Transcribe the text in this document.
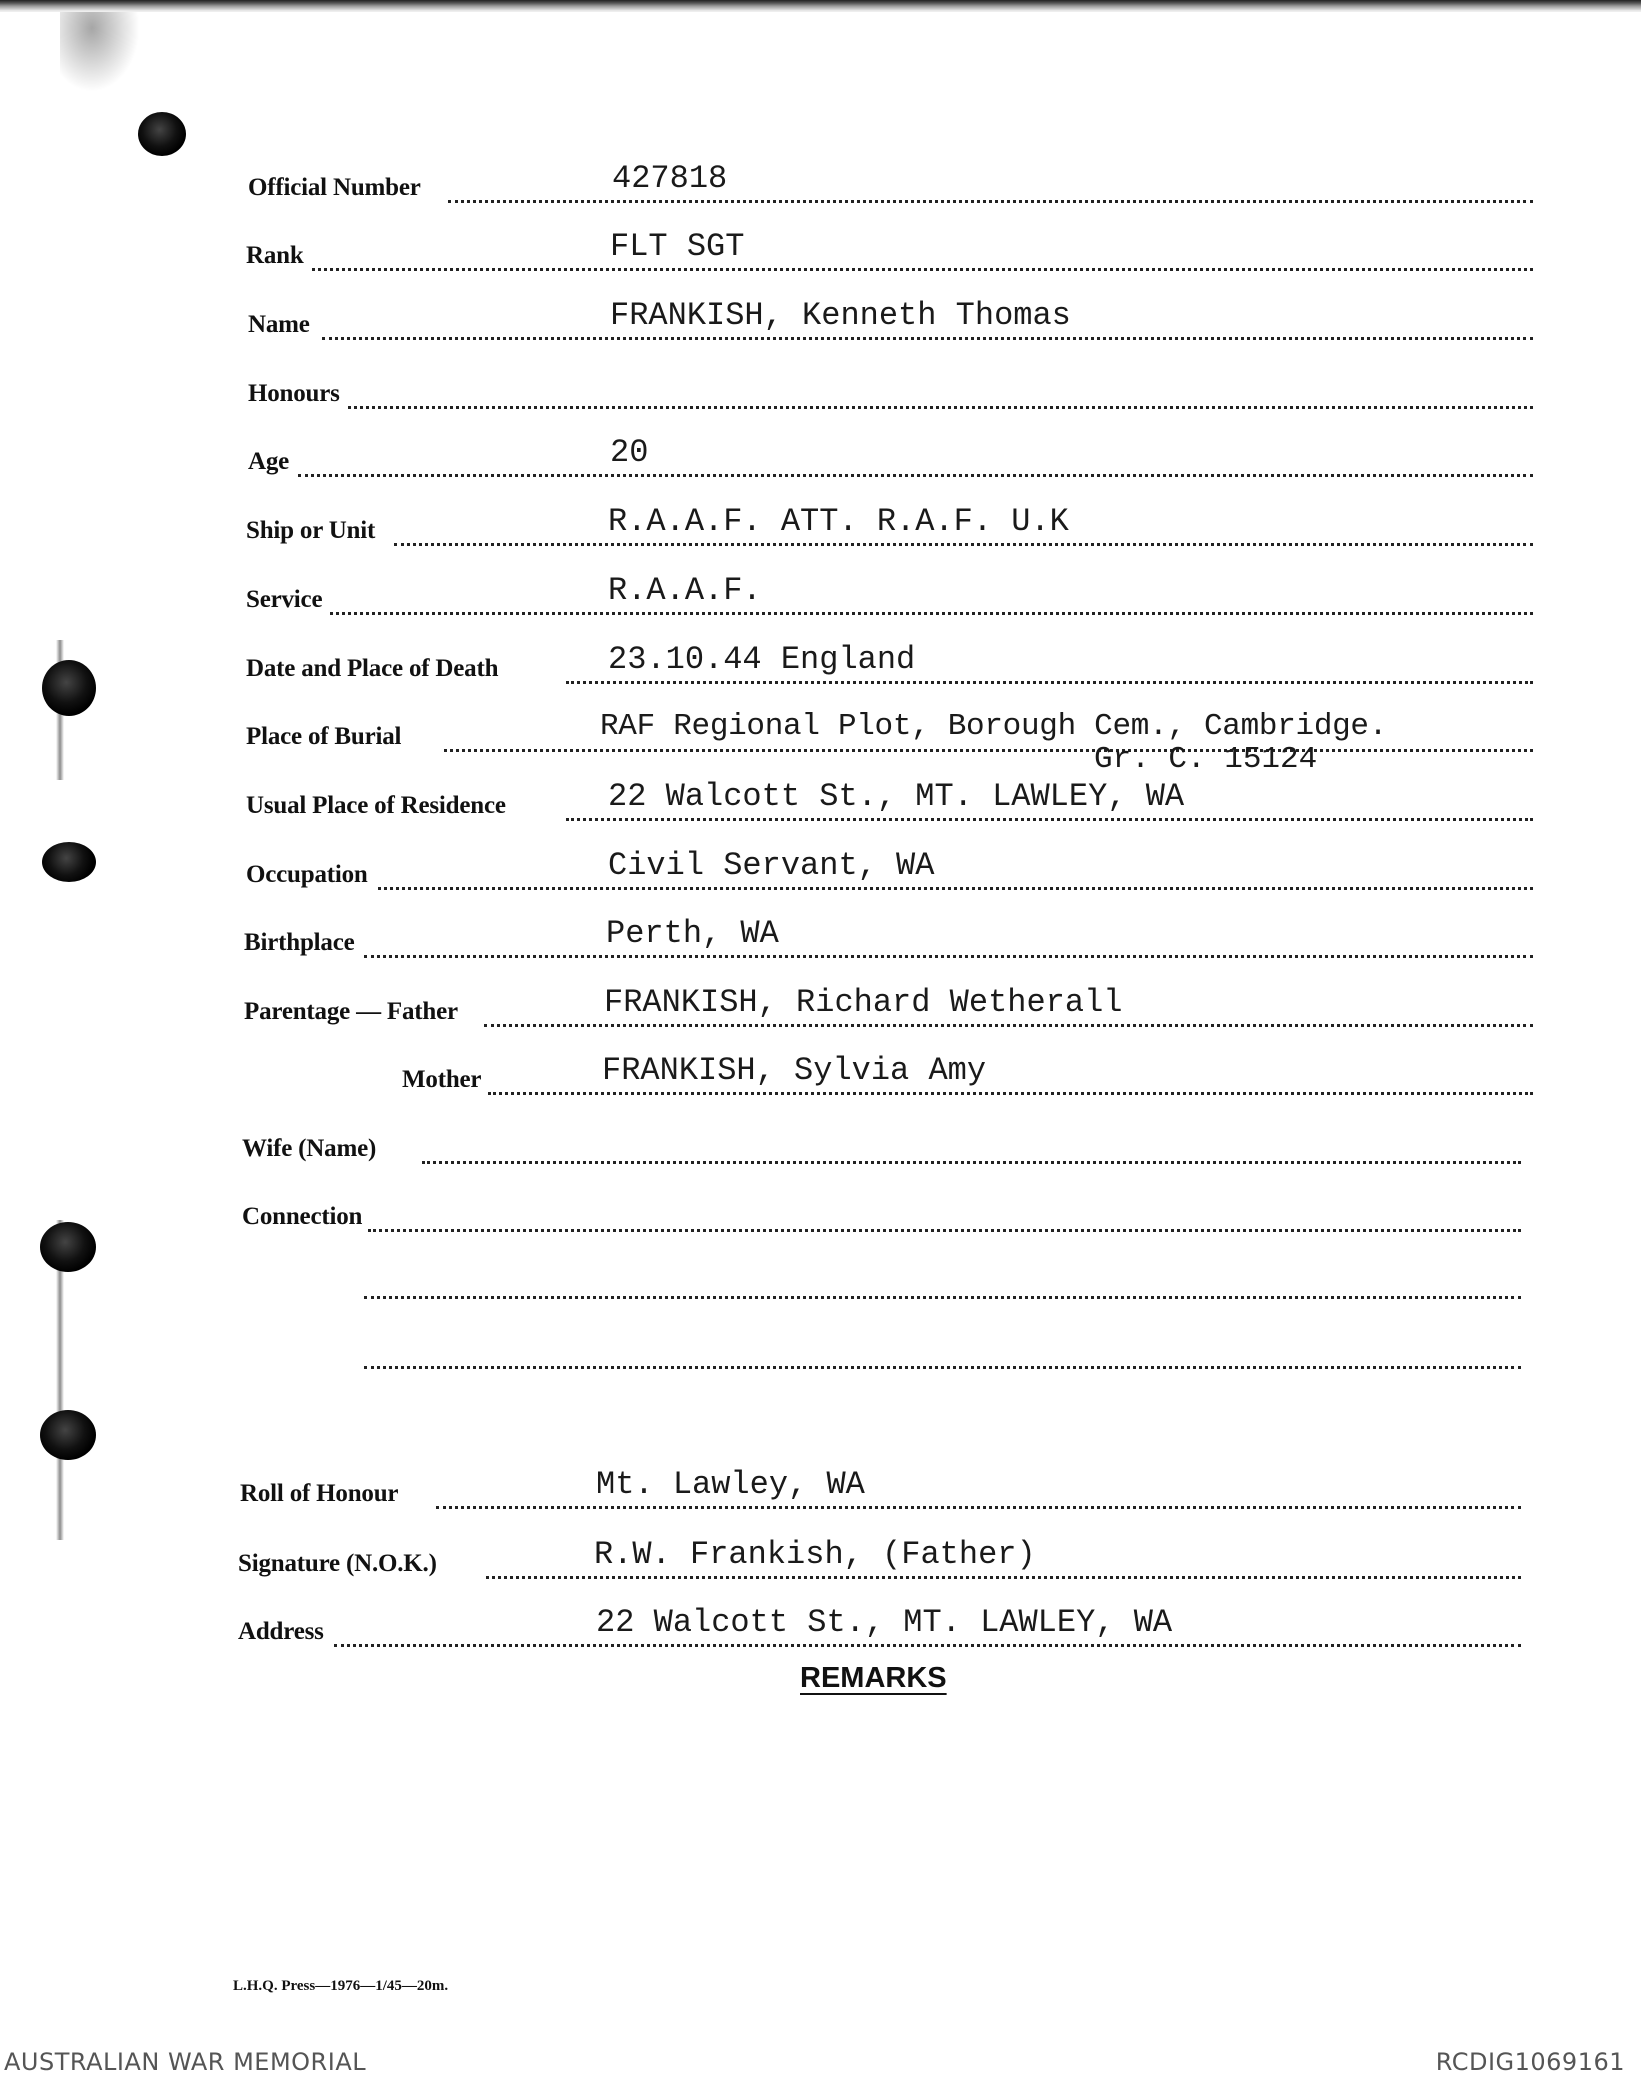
Official Number	427818
Rank	FLT SGT
Name	FRANKISH, Kenneth Thomas
Honours
Age	20
Ship or Unit	R.A.A.F. ATT. R.A.F. U.K
Service	R.A.A.F.
Date and Place of Death	23.10.44 England
Place of Burial	RAF Regional Plot, Borough Cem., Cambridge.
Gr. C. 15124
Usual Place of Residence	22 Walcott St., MT. LAWLEY, WA
Occupation	Civil Servant, WA
Birthplace	Perth, WA
Parentage — Father	FRANKISH, Richard Wetherall
Mother	FRANKISH, Sylvia Amy
Wife (Name)
Connection
Roll of Honour	Mt. Lawley, WA
Signature (N.O.K.)	R.W. Frankish, (Father)
Address	22 Walcott St., MT. LAWLEY, WA
REMARKS
L.H.Q. Press—1976—1/45—20m.
AUSTRALIAN WAR MEMORIAL	RCDIG1069161
